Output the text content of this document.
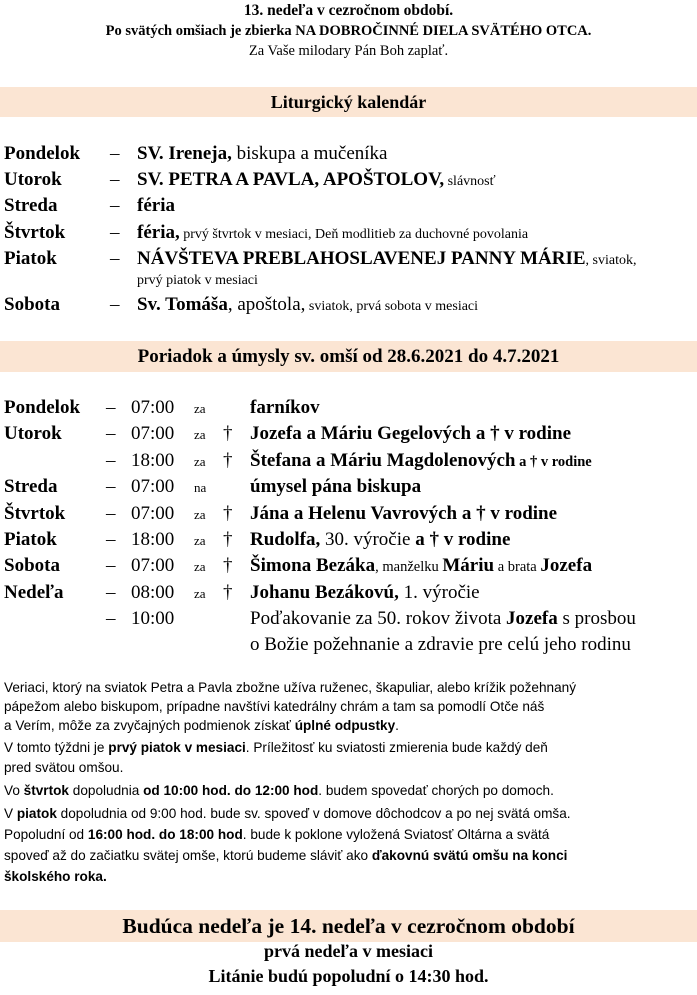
13. nedeľa v cezročnom období.
Po svätých omšiach je zbierka NA DOBROČINNÉ DIELA SVÄTÉHO OTCA.
Za Vaše milodary Pán Boh zaplať.
Liturgický kalendár
Pondelok – SV. Ireneja, biskupa a mučeníka
Utorok	– SV. PETRA A PAVLA, APOŠTOLOV, slávnosť
Streda	– féria
Štvrtok – féria, prvý štvrtok v mesiaci, Deň modlitieb za duchovné povolania
Piatok	– NÁVŠTEVA PREBLAHOSLAVENEJ PANNY MÁRIE, sviatok,
prvý piatok v mesiaci
Sobota	– Sv. Tomáša, apoštola, sviatok, prvá sobota v mesiaci
Poriadok a úmysly sv. omší od 28.6.2021 do 4.7.2021
Pondelok – 07:00 za farníkov
Utorok – 07:00 za † Jozefa a Máriu Gegelových a † v rodine
– 18:00 za † Štefana a Máriu Magdolenových a † v rodine
Streda	– 07:00 na úmysel pána biskupa
Štvrtok – 07:00 za † Jána a Helenu Vavrových a † v rodine
Piatok	– 18:00 za † Rudolfa, 30. výročie a † v rodine
Sobota – 07:00 za † Šimona Bezáka, manželku Máriu a brata Jozefa
Nedeľa – 08:00 za † Johanu Bezákovú, 1. výročie
– 10:00	Poďakovanie za 50. rokov života Jozefa s prosbou
o Božie požehnanie a zdravie pre celú jeho rodinu
Veriaci, ktorý na sviatok Petra a Pavla zbožne užíva ruženec, škapuliar, alebo krížik požehnaný
pápežom alebo biskupom, prípadne navštívi katedrálny chrám a tam sa pomodlí Otče náš
a Verím, môže za zvyčajných podmienok získať úplné odpustky.
V tomto týždni je prvý piatok v mesiaci. Príležitosť ku sviatosti zmierenia bude každý deň
pred svätou omšou.
Vo štvrtok dopoludnia od 10:00 hod. do 12:00 hod. budem spovedať chorých po domoch.
V piatok dopoludnia od 9:00 hod. bude sv. spoveď v domove dôchodcov a po nej svätá omša.
Popoludní od 16:00 hod. do 18:00 hod. bude k poklone vyložená Sviatosť Oltárna a svätá
spoveď až do začiatku svätej omše, ktorú budeme sláviť ako ďakovnú svätú omšu na konci
školského roka.
Budúca nedeľa je 14. nedeľa v cezročnom období
prvá nedeľa v mesiaci
Litánie budú popoludní o 14:30 hod.
